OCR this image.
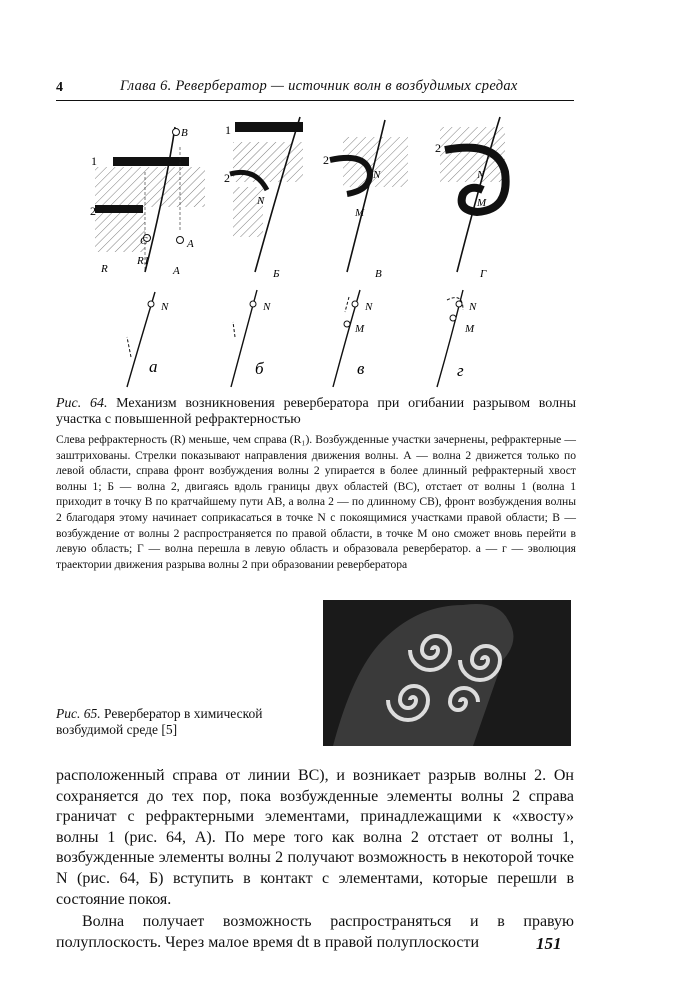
4	Глава 6. Ревербератор — источник волн в возбудимых средах
1
2
B
C	A
R
R1
А
1
2
N
Б
2
N
M
В
2
N
M
Г
N
а
N
б
N
M
в
N
M
г
Рис. 64. Механизм возникновения ревербератора при огибании разрывом волны участка с повышенной рефрактерностью
Слева рефрактерность (R) меньше, чем справа (R₁). Возбужденные участки зачернены, рефрактерные — заштрихованы. Стрелки показывают направления движения волны. А — волна 2 движется только по левой области, справа фронт возбуждения волны 2 упирается в более длинный рефрактерный хвост волны 1; Б — волна 2, двигаясь вдоль границы двух областей (BC), отстает от волны 1 (волна 1 приходит в точку B по кратчайшему пути AB, а волна 2 — по длинному CB), фронт возбуждения волны 2 благодаря этому начинает соприкасаться в точке N с покоящимися участками правой области; В — возбуждение от волны 2 распространяется по правой области, в точке M оно сможет вновь перейти в левую область; Г — волна перешла в левую область и образовала ревербератор. а — г — эволюция траектории движения разрыва волны 2 при образовании ревербератора
Рис. 65. Ревербератор в химической возбудимой среде [5]

расположенный справа от линии BC), и возникает разрыв волны 2. Он сохраняется до тех пор, пока возбужденные элементы волны 2 справа граничат с рефрактерными элементами, принадлежащими к «хвосту» волны 1 (рис. 64, А). По мере того как волна 2 отстает от волны 1, возбужденные элементы волны 2 получают возможность в некоторой точке N (рис. 64, Б) вступить в контакт с элементами, которые перешли в состояние покоя.

Волна получает возможность распространяться и в правую полуплоскость. Через малое время dt в правой полуплоскости	151
